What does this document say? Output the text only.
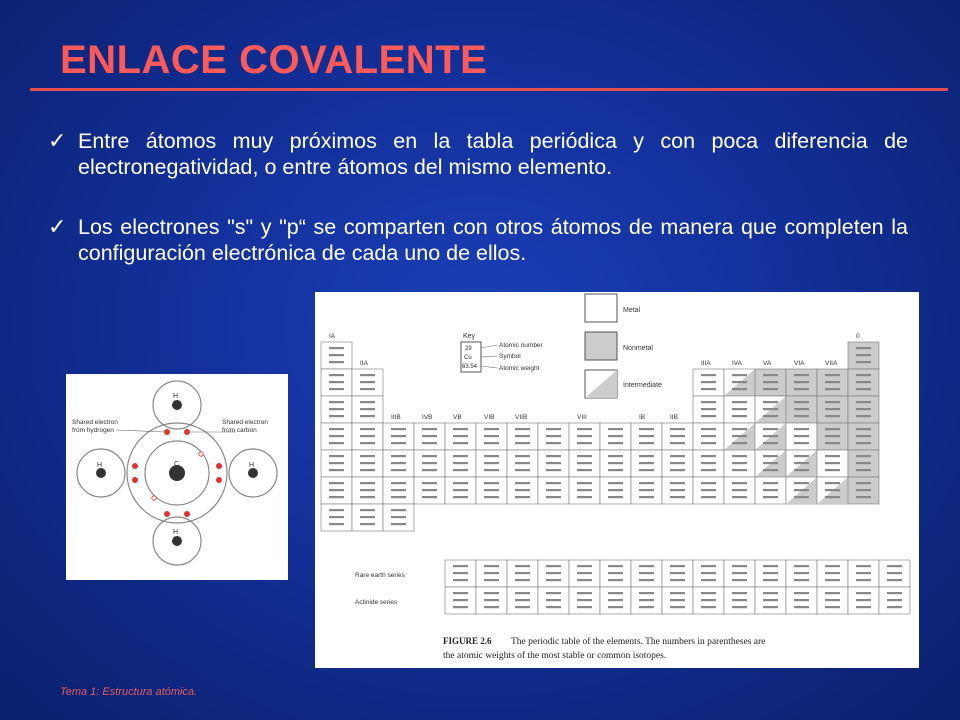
ENLACE COVALENTE
✓ Entre átomos muy próximos en la tabla periódica y con poca diferencia de electronegatividad, o entre átomos del mismo elemento.
✓ Los electrones "s" y "p“ se comparten con otros átomos de manera que completen la configuración electrónica de cada uno de ellos.
H
H
H	H
C
Shared electron
from hydrogen
Shared electron
from carbon
Metal
Nonmetal
Intermediate
Key
29
Cu
63.54
Atomic number
Symbol
Atomic weight
IA
IIA
IIIB	IVB	VB	VIB	VIIB	VIII	IB	IIB
IIIA	IVA	VA	VIA	VIIA
0
Rare earth series
Actinide series
FIGURE 2.6 The periodic table of the elements. The numbers in parentheses are
the atomic weights of the most stable or common isotopes.
Tema 1: Estructura atómica.
